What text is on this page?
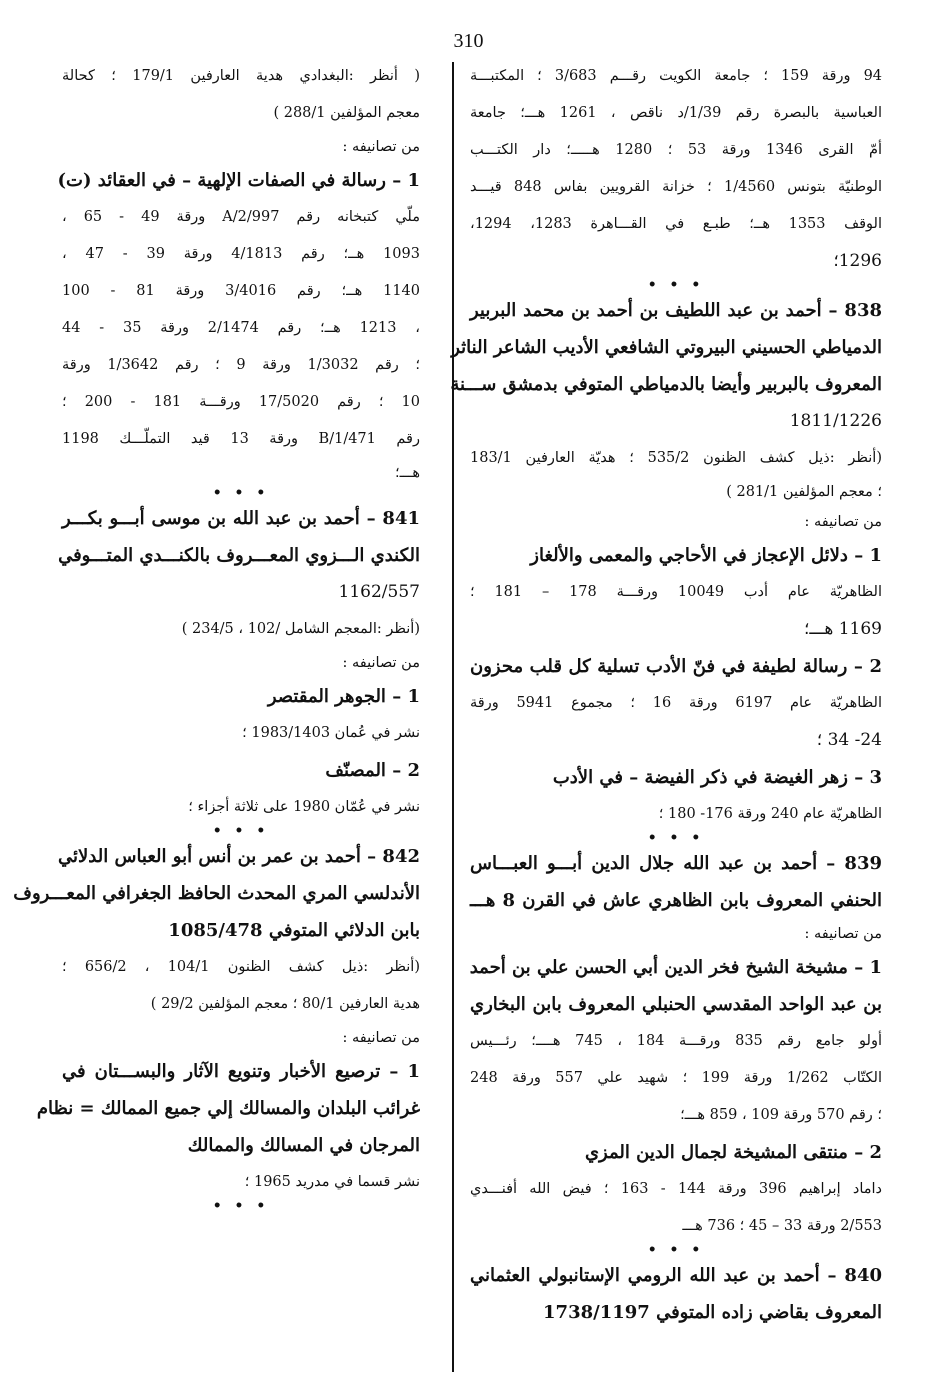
310
94 ورقة 159 ؛ جامعة الكويت رقـــم 3/683 ؛ المكتبـــة
العباسية بالبصرة رقم 1/39/د ناقص ، 1261 هـــ؛ جامعة
أمّ القرى 1346 ورقة 53 ؛ 1280 هـــــ؛ دار الكتـــب
الوطنيّة بتونس 1/4560 ؛ خزانة القرويين بفاس 848 قيـــد
الوقف 1353 هــ؛ طبـع في القـــاهرة 1283، 1294،
1296؛
• • •
838 – أحمد بن عبد اللطيف بن أحمد بن محمد البربير
الدمياطي الحسيني البيروتي الشافعي الأديب الشاعر الناثر
المعروف بالبربير وأيضا بالدمياطي المتوفي بدمشق ســـنة
1811/1226
(أنظر :ذيل كشف الظنون 535/2 ؛ هديّة العارفين 183/1
؛ معجم المؤلفين 281/1 )
من تصانيفه :
1 – دلائل الإعجاز في الأحاجي والمعمى والألغاز
الظاهريّة عام أدب 10049 ورقـــة 178 – 181 ؛
1169 هـــ؛
2 – رسالة لطيفة في فنّ الأدب تسلية كل قلب محزون
الظاهريّة عام 6197 ورقة 16 ؛ مجموع 5941 ورقة
24- 34 ؛
3 – زهر الغيضة في ذكر الفيضة – في الأدب
الظاهريّة عام 240 ورقة 176- 180 ؛
• • •
839 – أحمد بن عبد الله جلال الدين أبـــو العبـــاس
الحنفي المعروف بابن الظاهري عاش في القرن 8 هـــ
من تصانيفه :
1 – مشيخة الشيخ فخر الدين أبي الحسن علي بن أحمد
بن عبد الواحد المقدسي الحنبلي المعروف بابن البخاري
أولو جامع رقم 835 ورقـــة 184 ، 745 هــــ؛ رئـــيس
الكتّاب 1/262 ورقة 199 ؛ شهيد علي 557 ورقة 248
؛ رقم 570 ورقة 109 ، 859 هـــ؛
2 – منتقى المشيخة لجمال الدين المزي
داماد إبراهيم 396 ورقة 144 - 163 ؛ فيض الله أفنـــدي
2/553 ورقة 33 – 45 ؛ 736 هـــ
• • •
840 – أحمد بن عبد الله الرومي الإستانبولي العثماني
المعروف بقاضي زاده المتوفي 1738/1197
( أنظر :البغدادي هدية العارفين 179/1 ؛ كحالة
معجم المؤلفين 288/1 )
من تصانيفه :
1 – رسالة في الصفات الإلهية – في العقائد (ت)
ملّي كتبخانه رقم 2/997/A ورقة 49 - 65 ،
1093 هــ؛ رقم 4/1813 ورقة 39 - 47 ،
1140 هــ؛ رقم 3/4016 ورقة 81 - 100
، 1213 هــ؛ رقم 2/1474 ورقة 35 - 44
؛ رقم 1/3032 ورقة 9 ؛ رقم 1/3642 ورقة
10 ؛ رقم 17/5020 ورقـــة 181 - 200 ؛
رقم 1/471/B ورقة 13 قيد التملّـــك 1198
هـــ؛
• • •
841 – أحمد بن عبد الله بن موسى أبـــو بكـــر
الكندي الـــزوي المعـــروف بالكنـــدي المتـــوفي
1162/557
(أنظر :المعجم الشامل /102 ، 234/5 )
من تصانيفه :
1 – الجوهر المقتصر
نشر في عُمان 1983/1403 ؛
2 – المصنّف
نشر في عُمّان 1980 على ثلاثة أجزاء ؛
• • •
842 – أحمد بن عمر بن أنس أبو العباس الدلائي
الأندلسي المري المحدث الحافظ الجغرافي المعـــروف
بابن الدلائي المتوفي 1085/478
(أنظر :ذيل كشف الظنون 104/1 ، 656/2 ؛
هدية العارفين 80/1 ؛ معجم المؤلفين 29/2 )
من تصانيفه :
1 – ترصيع الأخبار وتنويع الآثار والبســـتان في
غرائب البلدان والمسالك إلي جميع الممالك = نظام
المرجان في المسالك والممالك
نشر قسما في مدريد 1965 ؛
• • •
